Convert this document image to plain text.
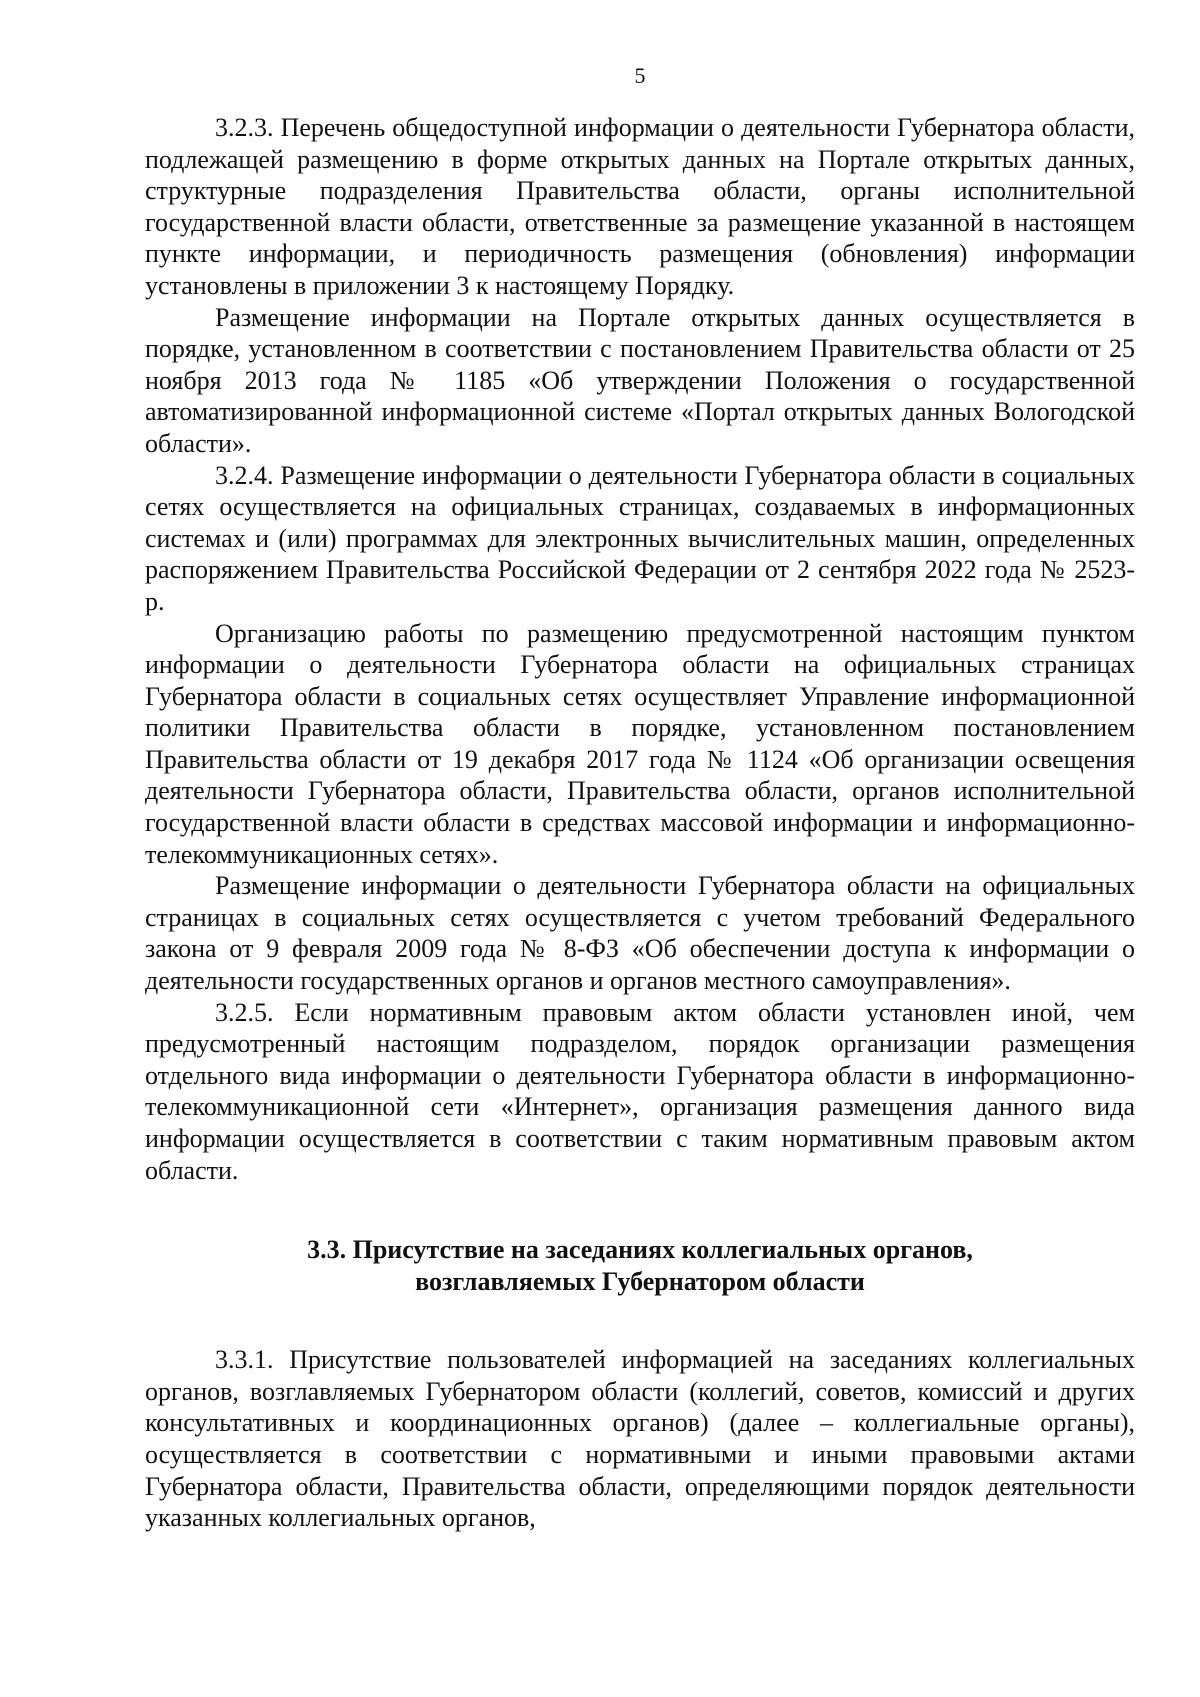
5

3.2.3. Перечень общедоступной информации о деятельности Губернатора области, подлежащей размещению в форме открытых данных на Портале открытых данных, структурные подразделения Правительства области, органы исполнительной государственной власти области, ответственные за размещение указанной в настоящем пункте информации, и периодичность размещения (обновления) информации установлены в приложении 3 к настоящему Порядку.

Размещение информации на Портале открытых данных осуществляется в порядке, установленном в соответствии с постановлением Правительства области от 25 ноября 2013 года № 1185 «Об утверждении Положения о государственной автоматизированной информационной системе «Портал открытых данных Вологодской области».

3.2.4. Размещение информации о деятельности Губернатора области в социальных сетях осуществляется на официальных страницах, создаваемых в информационных системах и (или) программах для электронных вычислительных машин, определенных распоряжением Правительства Российской Федерации от 2 сентября 2022 года № 2523-р.

Организацию работы по размещению предусмотренной настоящим пунктом информации о деятельности Губернатора области на официальных страницах Губернатора области в социальных сетях осуществляет Управление информационной политики Правительства области в порядке, установленном постановлением Правительства области от 19 декабря 2017 года № 1124 «Об организации освещения деятельности Губернатора области, Правительства области, органов исполнительной государственной власти области в средствах массовой информации и информационно-телекоммуникационных сетях».

Размещение информации о деятельности Губернатора области на официальных страницах в социальных сетях осуществляется с учетом требований Федерального закона от 9 февраля 2009 года № 8-ФЗ «Об обеспечении доступа к информации о деятельности государственных органов и органов местного самоуправления».

3.2.5. Если нормативным правовым актом области установлен иной, чем предусмотренный настоящим подразделом, порядок организации размещения отдельного вида информации о деятельности Губернатора области в информационно-телекоммуникационной сети «Интернет», организация размещения данного вида информации осуществляется в соответствии с таким нормативным правовым актом области.

3.3. Присутствие на заседаниях коллегиальных органов,
возглавляемых Губернатором области

3.3.1. Присутствие пользователей информацией на заседаниях коллегиальных органов, возглавляемых Губернатором области (коллегий, советов, комиссий и других консультативных и координационных органов) (далее – коллегиальные органы), осуществляется в соответствии с нормативными и иными правовыми актами Губернатора области, Правительства области, определяющими порядок деятельности указанных коллегиальных органов,
